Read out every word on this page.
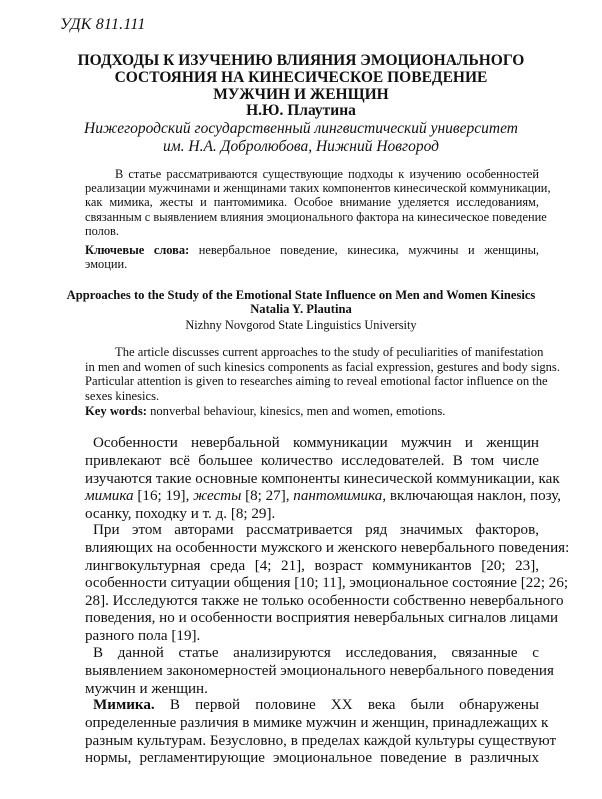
УДК 811.111
ПОДХОДЫ К ИЗУЧЕНИЮ ВЛИЯНИЯ ЭМОЦИОНАЛЬНОГО
СОСТОЯНИЯ НА КИНЕСИЧЕСКОЕ ПОВЕДЕНИЕ
МУЖЧИН И ЖЕНЩИН
Н.Ю. Плаутина
Нижегородский государственный лингвистический университет
им. Н.А. Добролюбова, Нижний Новгород
В статье рассматриваются существующие подходы к изучению особенностей
реализации мужчинами и женщинами таких компонентов кинесической коммуникации,
как мимика, жесты и пантомимика. Особое внимание уделяется исследованиям,
связанным с выявлением влияния эмоционального фактора на кинесическое поведение
полов.
Ключевые слова: невербальное поведение, кинесика, мужчины и женщины,
эмоции.
Approaches to the Study of the Emotional State Influence on Men and Women Kinesics
Natalia Y. Plautina
Nizhny Novgorod State Linguistics University
The article discusses current approaches to the study of peculiarities of manifestation
in men and women of such kinesics components as facial expression, gestures and body signs.
Particular attention is given to researches aiming to reveal emotional factor influence on the
sexes kinesics.
Key words: nonverbal behaviour, kinesics, men and women, emotions.
Особенности невербальной коммуникации мужчин и женщин
привлекают всё большее количество исследователей. В том числе
изучаются такие основные компоненты кинесической коммуникации, как
мимика [16; 19], жесты [8; 27], пантомимика, включающая наклон, позу,
осанку, походку и т. д. [8; 29].
При этом авторами рассматривается ряд значимых факторов,
влияющих на особенности мужского и женского невербального поведения:
лингвокультурная среда [4; 21], возраст коммуникантов [20; 23],
особенности ситуации общения [10; 11], эмоциональное состояние [22; 26;
28]. Исследуются также не только особенности собственно невербального
поведения, но и особенности восприятия невербальных сигналов лицами
разного пола [19].
В данной статье анализируются исследования, связанные с
выявлением закономерностей эмоционального невербального поведения
мужчин и женщин.
Мимика. В первой половине XX века были обнаружены
определенные различия в мимике мужчин и женщин, принадлежащих к
разным культурам. Безусловно, в пределах каждой культуры существуют
нормы, регламентирующие эмоциональное поведение в различных
